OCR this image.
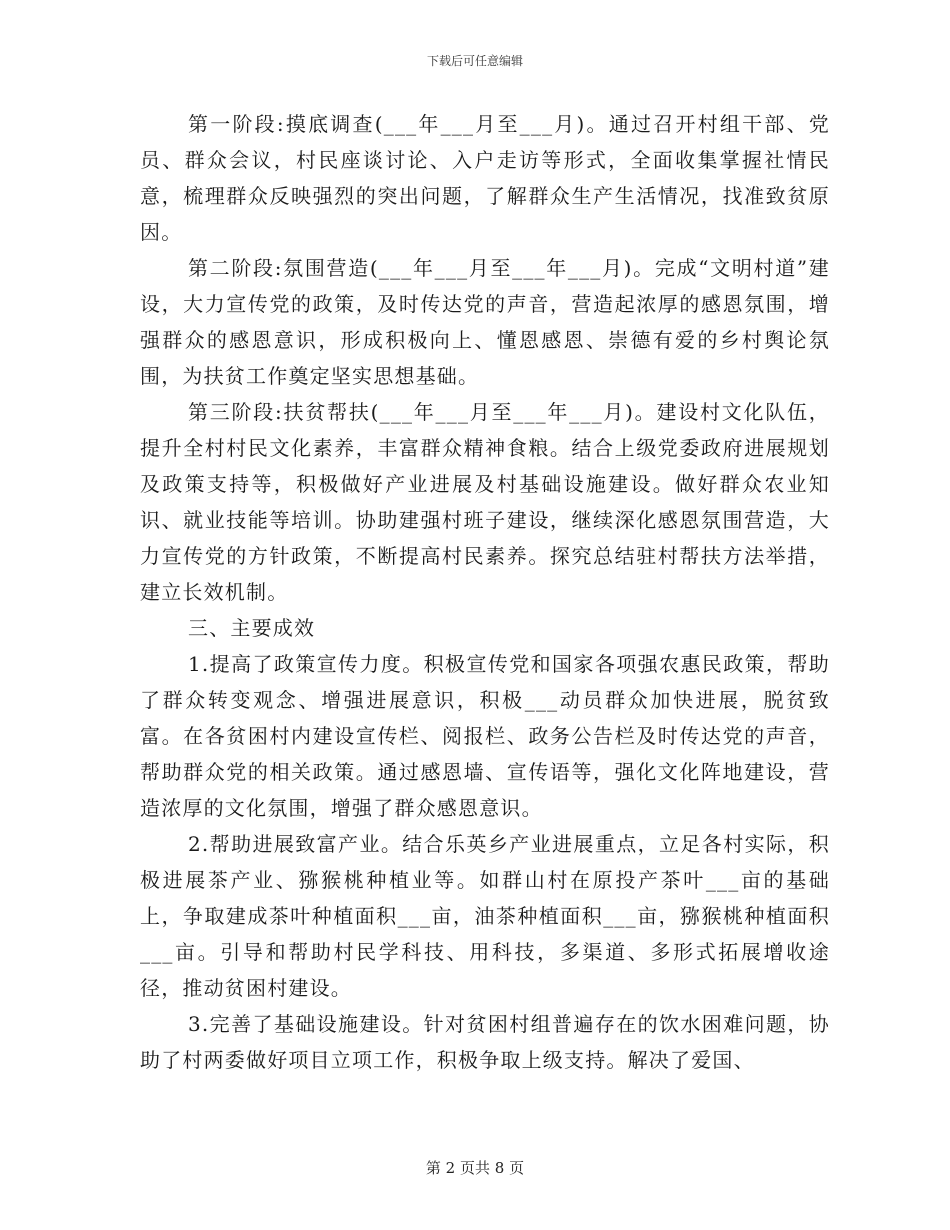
下载后可任意编辑

第一阶段:摸底调查(___年___月至___月)。通过召开村组干部、党员、群众会议，村民座谈讨论、入户走访等形式，全面收集掌握社情民意，梳理群众反映强烈的突出问题，了解群众生产生活情况，找准致贫原因。

第二阶段:氛围营造(___年___月至___年___月)。完成“文明村道”建设，大力宣传党的政策，及时传达党的声音，营造起浓厚的感恩氛围，增强群众的感恩意识，形成积极向上、懂恩感恩、崇德有爱的乡村舆论氛围，为扶贫工作奠定坚实思想基础。

第三阶段:扶贫帮扶(___年___月至___年___月)。建设村文化队伍，提升全村村民文化素养，丰富群众精神食粮。结合上级党委政府进展规划及政策支持等，积极做好产业进展及村基础设施建设。做好群众农业知识、就业技能等培训。协助建强村班子建设，继续深化感恩氛围营造，大力宣传党的方针政策，不断提高村民素养。探究总结驻村帮扶方法举措，建立长效机制。

三、主要成效

1.提高了政策宣传力度。积极宣传党和国家各项强农惠民政策，帮助了群众转变观念、增强进展意识，积极___动员群众加快进展，脱贫致富。在各贫困村内建设宣传栏、阅报栏、政务公告栏及时传达党的声音，帮助群众党的相关政策。通过感恩墙、宣传语等，强化文化阵地建设，营造浓厚的文化氛围，增强了群众感恩意识。

2.帮助进展致富产业。结合乐英乡产业进展重点，立足各村实际，积极进展茶产业、猕猴桃种植业等。如群山村在原投产茶叶___亩的基础上，争取建成茶叶种植面积___亩，油茶种植面积___亩，猕猴桃种植面积___亩。引导和帮助村民学科技、用科技，多渠道、多形式拓展增收途径，推动贫困村建设。

3.完善了基础设施建设。针对贫困村组普遍存在的饮水困难问题，协助了村两委做好项目立项工作，积极争取上级支持。解决了爱国、

第 2 页共 8 页
